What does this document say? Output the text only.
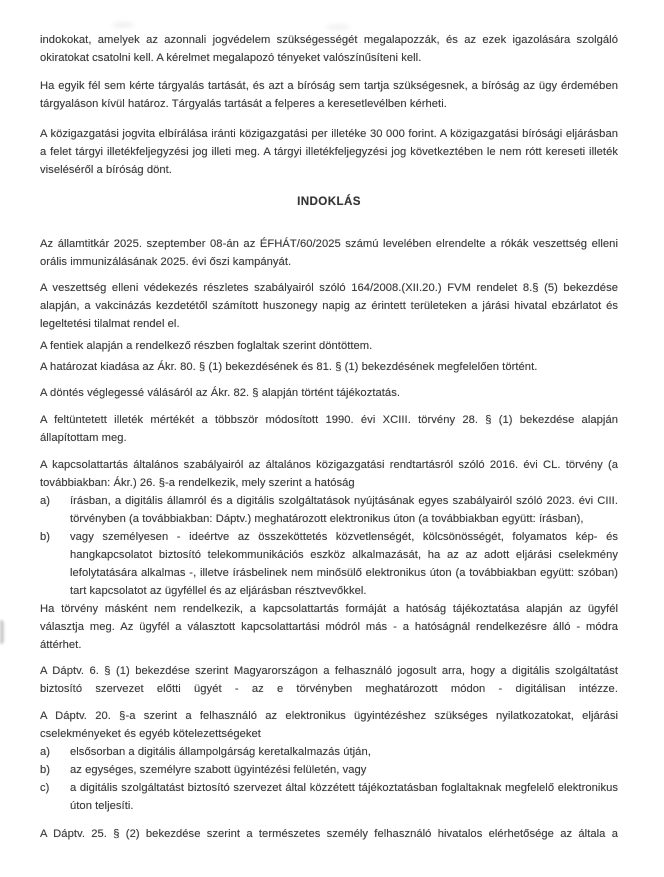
indokokat, amelyek az azonnali jogvédelem szükségességét megalapozzák, és az ezek igazolására szolgáló okiratokat csatolni kell. A kérelmet megalapozó tényeket valószínűsíteni kell.

Ha egyik fél sem kérte tárgyalás tartását, és azt a bíróság sem tartja szükségesnek, a bíróság az ügy érdemében tárgyaláson kívül határoz. Tárgyalás tartását a felperes a keresetlevélben kérheti.

A közigazgatási jogvita elbírálása iránti közigazgatási per illetéke 30 000 forint. A közigazgatási bírósági eljárásban a felet tárgyi illetékfeljegyzési jog illeti meg. A tárgyi illetékfeljegyzési jog következtében le nem rótt kereseti illeték viseléséről a bíróság dönt.

INDOKLÁS

Az államtitkár 2025. szeptember 08-án az ÉFHÁT/60/2025 számú levelében elrendelte a rókák veszettség elleni orális immunizálásának 2025. évi őszi kampányát.

A veszettség elleni védekezés részletes szabályairól szóló 164/2008.(XII.20.) FVM rendelet 8.§ (5) bekezdése alapján, a vakcinázás kezdetétől számított huszonegy napig az érintett területeken a járási hivatal ebzárlatot és legeltetési tilalmat rendel el.

A fentiek alapján a rendelkező részben foglaltak szerint döntöttem.

A határozat kiadása az Ákr. 80. § (1) bekezdésének és 81. § (1) bekezdésének megfelelően történt.

A döntés véglegessé válásáról az Ákr. 82. § alapján történt tájékoztatás.

A feltüntetett illeték mértékét a többször módosított 1990. évi XCIII. törvény 28. § (1) bekezdése alapján állapítottam meg.

A kapcsolattartás általános szabályairól az általános közigazgatási rendtartásról szóló 2016. évi CL. törvény (a továbbiakban: Ákr.) 26. §-a rendelkezik, mely szerint a hatóság

a)	írásban, a digitális államról és a digitális szolgáltatások nyújtásának egyes szabályairól szóló 2023. évi CIII. törvényben (a továbbiakban: Dáptv.) meghatározott elektronikus úton (a továbbiakban együtt: írásban),
b)	vagy személyesen - ideértve az összeköttetés közvetlenségét, kölcsönösségét, folyamatos kép- és hangkapcsolatot biztosító telekommunikációs eszköz alkalmazását, ha az az adott eljárási cselekmény lefolytatására alkalmas -, illetve írásbelinek nem minősülő elektronikus úton (a továbbiakban együtt: szóban) tart kapcsolatot az ügyféllel és az eljárásban résztvevőkkel.

Ha törvény másként nem rendelkezik, a kapcsolattartás formáját a hatóság tájékoztatása alapján az ügyfél választja meg. Az ügyfél a választott kapcsolattartási módról más - a hatóságnál rendelkezésre álló - módra áttérhet.

A Dáptv. 6. § (1) bekezdése szerint Magyarországon a felhasználó jogosult arra, hogy a digitális szolgáltatást biztosító szervezet előtti ügyét - az e törvényben meghatározott módon - digitálisan intézze.

A Dáptv. 20. §-a szerint a felhasználó az elektronikus ügyintézéshez szükséges nyilatkozatokat, eljárási cselekményeket és egyéb kötelezettségeket

a)	elsősorban a digitális állampolgárság keretalkalmazás útján,
b)	az egységes, személyre szabott ügyintézési felületén, vagy
c)	a digitális szolgáltatást biztosító szervezet által közzétett tájékoztatásban foglaltaknak megfelelő elektronikus úton teljesíti.

A Dáptv. 25. § (2) bekezdése szerint a természetes személy felhasználó hivatalos elérhetősége az általa a
